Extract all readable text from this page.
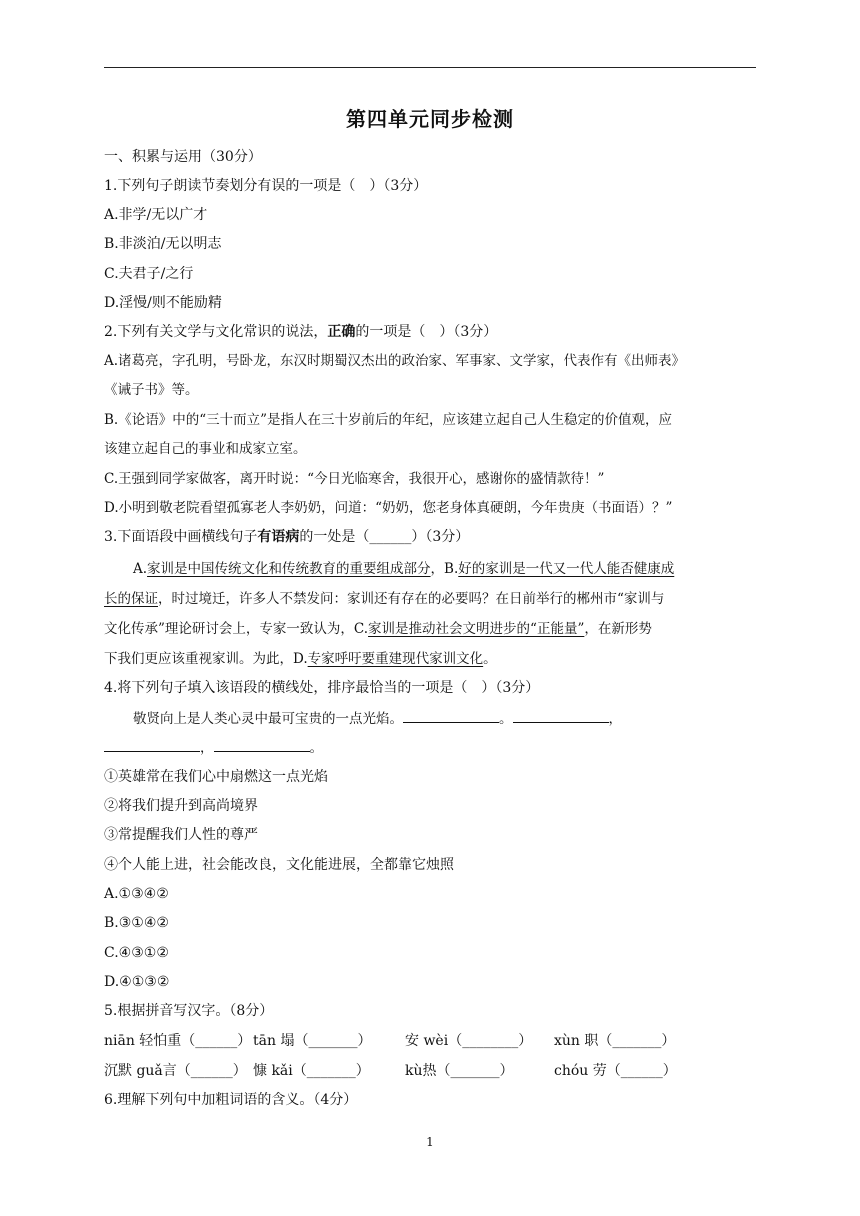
第四单元同步检测
一、积累与运用（30分）
1.下列句子朗读节奏划分有误的一项是（　）（3分）
A.非学/无以广才
B.非淡泊/无以明志
C.夫君子/之行
D.淫慢/则不能励精
2.下列有关文学与文化常识的说法，正确的一项是（　）（3分）
A.诸葛亮，字孔明，号卧龙，东汉时期蜀汉杰出的政治家、军事家、文学家，代表作有《出师表》
《诫子书》等。
B.《论语》中的“三十而立”是指人在三十岁前后的年纪，应该建立起自己人生稳定的价值观，应
该建立起自己的事业和成家立室。
C.王强到同学家做客，离开时说：“今日光临寒舍，我很开心，感谢你的盛情款待！”
D.小明到敬老院看望孤寡老人李奶奶，问道：“奶奶，您老身体真硬朗，今年贵庚（书面语）？”
3.下面语段中画横线句子有语病的一处是（______）（3分）
A.家训是中国传统文化和传统教育的重要组成部分，B.好的家训是一代又一代人能否健康成
长的保证，时过境迁，许多人不禁发问：家训还有存在的必要吗？在日前举行的郴州市“家训与
文化传承”理论研讨会上，专家一致认为，C.家训是推动社会文明进步的“正能量”，在新形势
下我们更应该重视家训。为此，D.专家呼吁要重建现代家训文化。
4.将下列句子填入该语段的横线处，排序最恰当的一项是（　）（3分）
敬贤向上是人类心灵中最可宝贵的一点光焰。	。	，
，	。
①英雄常在我们心中扇燃这一点光焰
②将我们提升到高尚境界
③常提醒我们人性的尊严
④个人能上进，社会能改良，文化能进展，全都靠它烛照
A.①③④②
B.③①④②
C.④③①②
D.④①③②
5.根据拼音写汉字。（8分）
niān 轻怕重（______） tān 塌（_______） 安 wèi（________） xùn 职（_______）
沉默 guǎ言（______） 慷 kǎi（_______）	kù热（_______）	chóu 劳（______）
6.理解下列句中加粗词语的含义。（4分）
1
